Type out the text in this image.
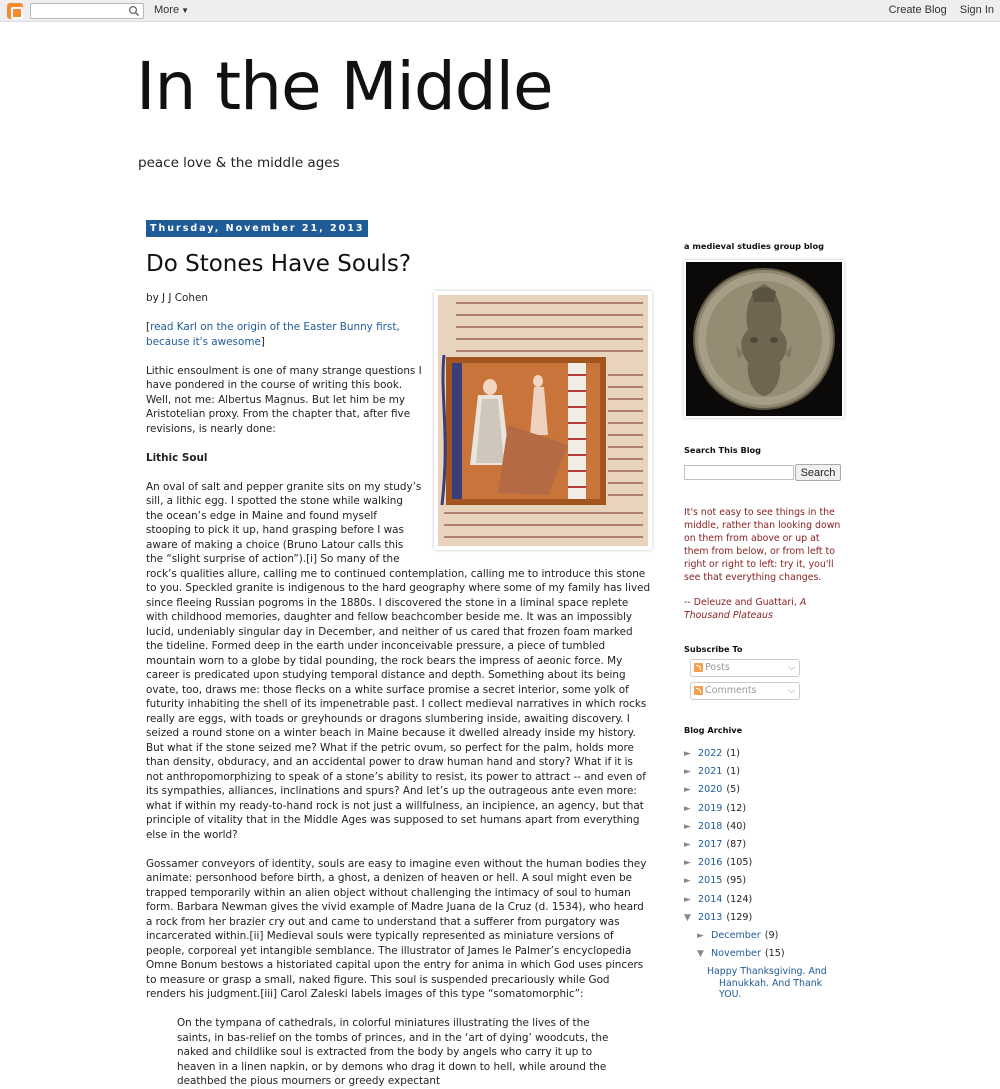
More ▼	Create Blog Sign In
In the Middle
peace love & the middle ages
Thursday, November 21, 2013
Do Stones Have Souls?

by J J Cohen

[read Karl on the origin of the Easter Bunny first, because it's awesome]

Lithic ensoulment is one of many strange questions I have pondered in the course of writing this book. Well, not me: Albertus Magnus. But let him be my Aristotelian proxy. From the chapter that, after five revisions, is nearly done:

Lithic Soul

An oval of salt and pepper granite sits on my study’s sill, a lithic egg. I spotted the stone while walking the ocean’s edge in Maine and found myself stooping to pick it up, hand grasping before I was aware of making a choice (Bruno Latour calls this the “slight surprise of action”).[i] So many of the rock’s qualities allure, calling me to continued contemplation, calling me to introduce this stone to you. Speckled granite is indigenous to the hard geography where some of my family has lived since fleeing Russian pogroms in the 1880s. I discovered the stone in a liminal space replete with childhood memories, daughter and fellow beachcomber beside me. It was an impossibly lucid, undeniably singular day in December, and neither of us cared that frozen foam marked the tideline. Formed deep in the earth under inconceivable pressure, a piece of tumbled mountain worn to a globe by tidal pounding, the rock bears the impress of aeonic force. My career is predicated upon studying temporal distance and depth. Something about its being ovate, too, draws me: those flecks on a white surface promise a secret interior, some yolk of futurity inhabiting the shell of its impenetrable past. I collect medieval narratives in which rocks really are eggs, with toads or greyhounds or dragons slumbering inside, awaiting discovery. I seized a round stone on a winter beach in Maine because it dwelled already inside my history. But what if the stone seized me? What if the petric ovum, so perfect for the palm, holds more than density, obduracy, and an accidental power to draw human hand and story? What if it is not anthropomorphizing to speak of a stone’s ability to resist, its power to attract -- and even of its sympathies, alliances, inclinations and spurs? And let’s up the outrageous ante even more: what if within my ready-to-hand rock is not just a willfulness, an incipience, an agency, but that principle of vitality that in the Middle Ages was supposed to set humans apart from everything else in the world?

Gossamer conveyors of identity, souls are easy to imagine even without the human bodies they animate: personhood before birth, a ghost, a denizen of heaven or hell. A soul might even be trapped temporarily within an alien object without challenging the intimacy of soul to human form. Barbara Newman gives the vivid example of Madre Juana de la Cruz (d. 1534), who heard a rock from her brazier cry out and came to understand that a sufferer from purgatory was incarcerated within.[ii] Medieval souls were typically represented as miniature versions of people, corporeal yet intangible semblance. The illustrator of James le Palmer’s encyclopedia Omne Bonum bestows a historiated capital upon the entry for anima in which God uses pincers to measure or grasp a small, naked figure. This soul is suspended precariously while God renders his judgment.[iii] Carol Zaleski labels images of this type “somatomorphic”:

On the tympana of cathedrals, in colorful miniatures illustrating the lives of the saints, in bas-relief on the tombs of princes, and in the ‘art of dying’ woodcuts, the naked and childlike soul is extracted from the body by angels who carry it up to heaven in a linen napkin, or by demons who drag it down to hell, while around the deathbed the pious mourners or greedy expectant
a medieval studies group blog
Search This Blog
Search
It's not easy to see things in the middle, rather than looking down on them from above or up at them from below, or from left to right or right to left: try it, you'll see that everything changes.
-- Deleuze and Guattari, A Thousand Plateaus
Subscribe To
Posts	⌵
Comments	⌵
Blog Archive
► 2022 (1)
► 2021 (1)
► 2020 (5)
► 2019 (12)
► 2018 (40)
► 2017 (87)
► 2016 (105)
► 2015 (95)
► 2014 (124)
▼ 2013 (129)
► December (9)
▼ November (15)
Happy Thanksgiving. And
Hanukkah. And Thank YOU.
